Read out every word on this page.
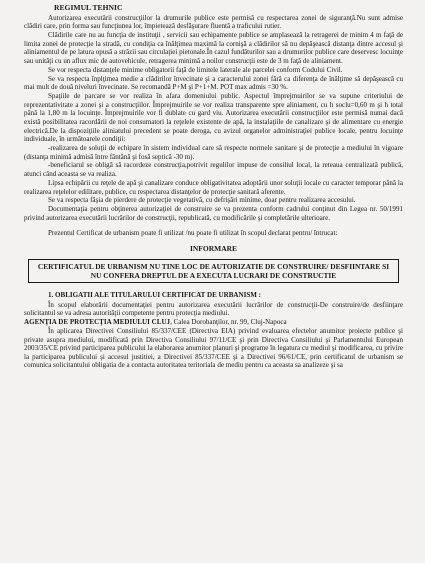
REGIMUL TEHNIC

Autorizarea executării construcţiilor la drumurile publice este permisă cu respectarea zonei de siguranţă.Nu sunt admise clădiri care, prin forma sau funcţiunea lor, împietează desfăşurare fluentă a traficului rutier.

Clădirile care nu au funcţia de instituţii , servicii sau echipamente publice se amplasează la retragerei de minim 4 m faţă de limita zonei de protecţie la stradă, cu condiţia ca înălţimea maximă la cornişă a clădirilor să nu depăşească distanţa dintre accesul şi aliniamentul de pe latura opusă a străzii sau circulaţiei pietonale.În cazul fundăturilor sau a drumurilor publice care deservesc locuinţe sau unităţi cu un aflux mic de autovehicule, retragerea minimă a noilor construcţii este de 3 m faţă de aliniament.

Se vor respecta distanţele minime obligatorii faţă de limitele laterale ale parcelei conform Codului Civil.

Se va respecta înplţimea medie a clădirilor învecinate şi a caracterului zonei fără ca diferenţa de înălţime să depăşească cu mai mult de două niveluri învecinate. Se recomandă P+M şi P+1+M. POT max admis =30 %.

Spaţiile de parcare se vor realiza în afara domeniului public. Aspectul împrejmuirilor se va supune criteriului de reprezentativitate a zonei şi a construcţiilor. Împrejmuirile se vor realiza transparente spre aliniament, cu h soclu=0,60 m şi h total până la 1,80 m la locuinţe. Împrejmuirile vor fi dublate cu gard viu. Autorizarea executării construcţiilor este permisă numai dacă există posibilitatea racordării de noi consumatori la reţelele existente de apă, la instalaţiile de canalizare şi de alimentare cu energie electrică.De la dispoziţiile aliniatului precedent se poate deroga, cu avizul organelor administraţiei publice locale, pentru locuinţe individuale, în următoarele condiţii:

-realizarea de soluţii de echipare în sistem individual care să respecte normele sanitare şi de protecţie a mediului în vigoare (distanţa minimă admisă între fântână şi fosă septică -30 m).

-beneficiarul se obligă să racordeze construcţia,potrivit regulilor impuse de consiliul local, la reteaua centralizată publică, atunci când aceasta se va realiza.

Lipsa echipării cu reţele de apă şi canalizare conduce obligativitatea adoptării unor soluţii locale cu caracter temporar până la realizarea reţelelor edilitare, publice, cu respectarea distanţelor de protecţie sanitară aferente.

Se va respecta fâşia de pierdere de protecţie vegetativă, cu defrişări minime, doar pentru realizarea accesului.

Documentaţia pentru obţinerea autorizaţiei de construire se va prezenta conform cadrului conţinut din Legea nr. 50/1991 privind autorizarea executării lucrărilor de construcţii, republicată, cu modificările şi completările ulterioare.

Prezentul Certificat de urbanism poate fi utilizat /nu poate fi utilizat în scopul declarat pentru/ întrucat:

INFORMARE
CERTIFICATUL DE URBANISM NU TINE LOC DE AUTORIZATIE DE CONSTRUIRE/ DESFIINTARE SI NU CONFERA DREPTUL DE A EXECUTA LUCRARI DE CONSTRUCTIE
1. OBLIGATII ALE TITULARULUI CERTIFICAT DE URBANISM :

În scopul elaborării documentaţiei pentru autorizarea executării lucrărilor de construcţii-De construire/de desfiinţare solicitantul se va adresa autorităţii competente pentru protecţia mediului.

AGENŢIA DE PROTECŢIA MEDIULUI CLUJ, Calea Dorobanţilor, nr. 99, Cluj-Napoca

În aplicarea Directivei Consiliului 85/337/CEE (Directiva EIA) privind evaluarea efectelor anumitor proiecte publice şi private asupra mediului, modificată prin Directiva Consiliului 97/11/CE şi prin Directiva Consiliului şi Parlamentului European 2003/35/CE privind participarea publicului la elaborarea anumitor planuri şi programe în legatura cu mediul şi modificarea, cu privire la participarea publicului şi accesul justitiei, a Directivei 85/337/CEE şi a Directivei 96/61/CE, prin certificatul de urbanism se comunica solicitantului obligatia de a contacta autoritatea teritoriala de mediu pentru ca aceasta sa analizeze şi sa
